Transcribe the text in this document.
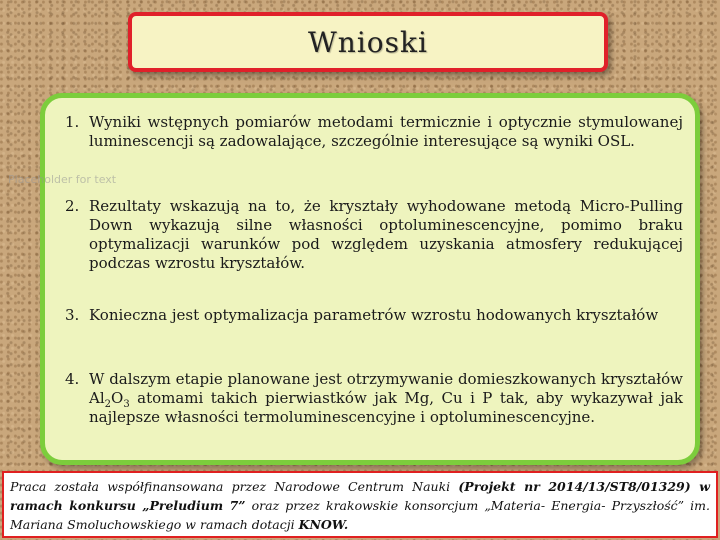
Wnioski
1. Wyniki wstępnych pomiarów metodami termicznie i optycznie stymulowanej luminescencji są zadowalające, szczególnie interesujące są wyniki OSL.
2. Rezultaty wskazują na to, że kryształy wyhodowane metodą Micro-Pulling Down wykazują silne własności optoluminescencyjne, pomimo braku optymalizacji warunków pod względem uzyskania atmosfery redukującej podczas wzrostu kryształów.
3. Konieczna jest optymalizacja parametrów wzrostu hodowanych kryształów
4. W dalszym etapie planowane jest otrzymywanie domieszkowanych kryształów $Al_2O_3$ atomami takich pierwiastków jak Mg, Cu i P tak, aby wykazywał jak najlepsze własności termoluminescencyjne i optoluminescencyjne.
Placeholder for text
Praca została współfinansowana przez Narodowe Centrum Nauki (Projekt nr 2014/13/ST8/01329) w ramach konkursu „Preludium 7” oraz przez krakowskie konsorcjum „Materia- Energia- Przyszłość” im. Mariana Smoluchowskiego w ramach dotacji KNOW.
